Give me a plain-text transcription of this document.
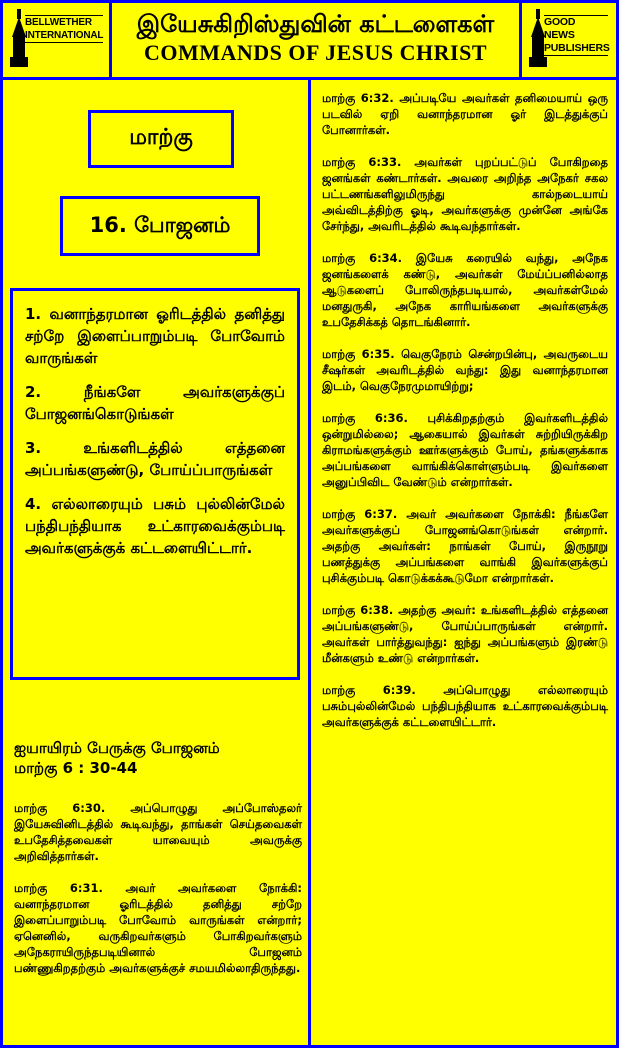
BELLWETHER
INTERNATIONAL	இயேசுகிறிஸ்துவின் கட்டளைகள்
COMMANDS OF JESUS CHRIST
GOOD NEWS
PUBLISHERS
மாற்கு
16. போஜனம்

1. வனாந்தரமான ஓரிடத்தில் தனித்து சற்றே இளைப்பாறும்படி போவோம் வாருங்கள்

2. நீங்களே அவர்களுக்குப் போஜனங்கொடுங்கள்

3. உங்களிடத்தில் எத்தனை அப்பங்களுண்டு, போய்ப்பாருங்கள்

4. எல்லாரையும் பசும் புல்லின்மேல் பந்திபந்தியாக உட்காரவைக்கும்படி அவர்களுக்குக் கட்டளையிட்டார்.

ஐயாயிரம் பேருக்கு போஜனம்
மாற்கு 6 : 30-44

மாற்கு 6:30. அப்பொழுது அப்போஸ்தலர் இயேசுவினிடத்தில் கூடிவந்து, தாங்கள் செய்தவைகள் உபதேசித்தவைகள் யாவையும் அவருக்கு அறிவித்தார்கள்.

மாற்கு 6:31. அவர் அவர்களை நோக்கி: வனாந்தரமான ஓரிடத்தில் தனித்து சற்றே இளைப்பாறும்படி போவோம் வாருங்கள் என்றார்; ஏனெனில், வருகிறவர்களும் போகிறவர்களும் அநேகராயிருந்தபடியினால் போஜனம் பண்ணுகிறதற்கும் அவர்களுக்குச் சமயமில்லாதிருந்தது.

மாற்கு 6:32. அப்படியே அவர்கள் தனிமையாய் ஒரு படவில் ஏறி வனாந்தரமான ஓர் இடத்துக்குப் போனார்கள்.

மாற்கு 6:33. அவர்கள் புறப்பட்டுப் போகிறதை ஜனங்கள் கண்டார்கள். அவரை அறிந்த அநேகர் சகல பட்டணங்களிலுமிருந்து கால்நடையாய் அவ்விடத்திற்கு ஓடி, அவர்களுக்கு முன்னே அங்கே சேர்ந்து, அவரிடத்தில் கூடிவந்தார்கள்.

மாற்கு 6:34. இயேசு கரையில் வந்து, அநேக ஜனங்களைக் கண்டு, அவர்கள் மேய்ப்பனில்லாத ஆடுகளைப் போலிருந்தபடியால், அவர்கள்மேல் மனதுருகி, அநேக காரியங்களை அவர்களுக்கு உபதேசிக்கத் தொடங்கினார்.

மாற்கு 6:35. வெகுநேரம் சென்றபின்பு, அவருடைய சீஷர்கள் அவரிடத்தில் வந்து: இது வனாந்தரமான இடம், வெகுநேரமுமாயிற்று;

மாற்கு 6:36. புசிக்கிறதற்கும் இவர்களிடத்தில் ஒன்றுமில்லை; ஆகையால் இவர்கள் சுற்றியிருக்கிற கிராமங்களுக்கும் ஊர்களுக்கும் போய், தங்களுக்காக அப்பங்களை வாங்கிக்கொள்ளும்படி இவர்களை அனுப்பிவிட வேண்டும் என்றார்கள்.

மாற்கு 6:37. அவர் அவர்களை நோக்கி: நீங்களே அவர்களுக்குப் போஜனங்கொடுங்கள் என்றார். அதற்கு அவர்கள்: நாங்கள் போய், இருநூறு பணத்துக்கு அப்பங்களை வாங்கி இவர்களுக்குப் புசிக்கும்படி கொடுக்கக்கூடுமோ என்றார்கள்.

மாற்கு 6:38. அதற்கு அவர்: உங்களிடத்தில் எத்தனை அப்பங்களுண்டு, போய்ப்பாருங்கள் என்றார். அவர்கள் பார்த்துவந்து: ஐந்து அப்பங்களும் இரண்டு மீன்களும் உண்டு என்றார்கள்.

மாற்கு 6:39. அப்பொழுது எல்லாரையும் பசும்புல்லின்மேல் பந்திபந்தியாக உட்காரவைக்கும்படி அவர்களுக்குக் கட்டளையிட்டார்.
